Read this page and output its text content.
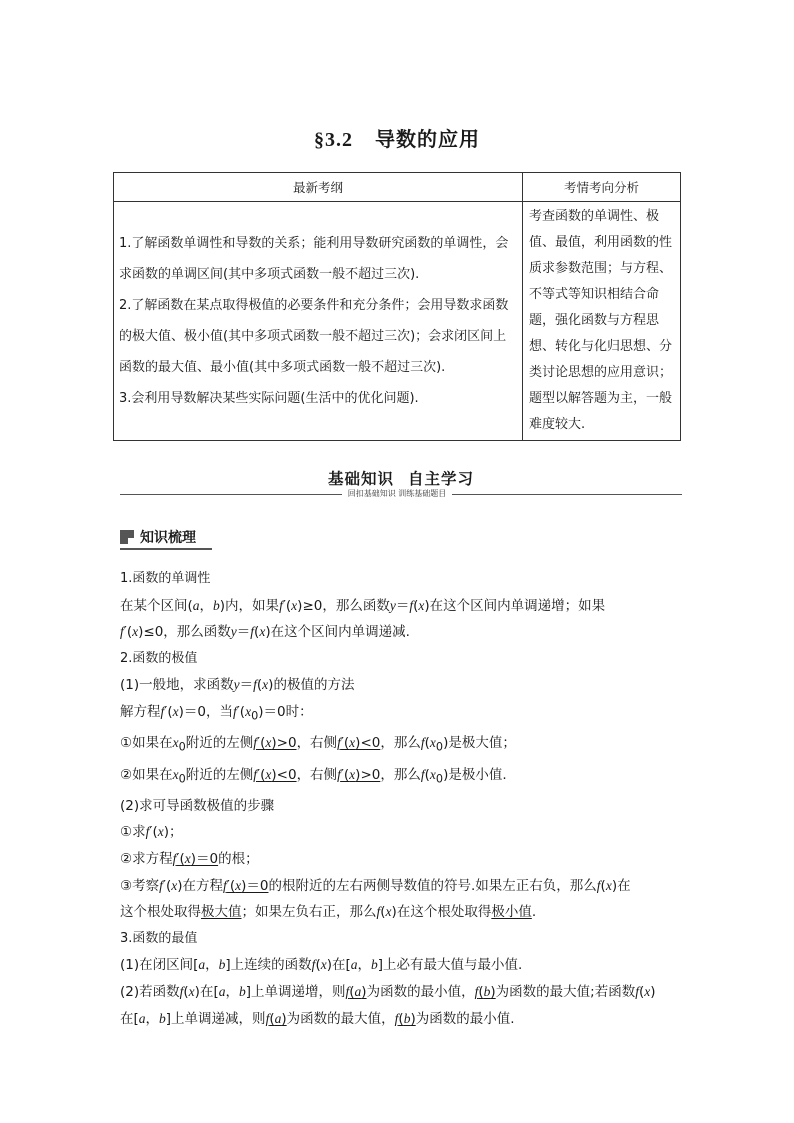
§3.2 导数的应用
最新考纲	考情考向分析

1.了解函数单调性和导数的关系；能利用导数研究函数的单调性，会求函数的单调区间(其中多项式函数一般不超过三次).

2.了解函数在某点取得极值的必要条件和充分条件；会用导数求函数的极大值、极小值(其中多项式函数一般不超过三次)；会求闭区间上函数的最大值、最小值(其中多项式函数一般不超过三次).

3.会利用导数解决某些实际问题(生活中的优化问题).	考查函数的单调性、极值、最值，利用函数的性质求参数范围；与方程、不等式等知识相结合命题，强化函数与方程思想、转化与化归思想、分类讨论思想的应用意识；题型以解答题为主，一般难度较大.

基础知识 自主学习
回扣基础知识 训练基础题目
知识梳理

1.函数的单调性

在某个区间(a，b)内，如果f′(x)≥0，那么函数y＝f(x)在这个区间内单调递增；如果

f′(x)≤0，那么函数y＝f(x)在这个区间内单调递减.

2.函数的极值

(1)一般地，求函数y＝f(x)的极值的方法

解方程f′(x)＝0，当$f'(x_0)=0$时：

①如果在$x_0$附近的左侧f′(x)>0，右侧f′(x)<0，那么$f(x_0)$是极大值；

②如果在$x_0$附近的左侧f′(x)<0，右侧f′(x)>0，那么$f(x_0)$是极小值.

(2)求可导函数极值的步骤

①求f′(x)；

②求方程f′(x)＝0的根；

③考察f′(x)在方程f′(x)＝0的根附近的左右两侧导数值的符号.如果左正右负，那么f(x)在

这个根处取得极大值；如果左负右正，那么f(x)在这个根处取得极小值.

3.函数的最值

(1)在闭区间[a，b]上连续的函数f(x)在[a，b]上必有最大值与最小值.

(2)若函数f(x)在[a，b]上单调递增，则f(a)为函数的最小值，f(b)为函数的最大值;若函数f(x)

在[a，b]上单调递减，则f(a)为函数的最大值，f(b)为函数的最小值.
